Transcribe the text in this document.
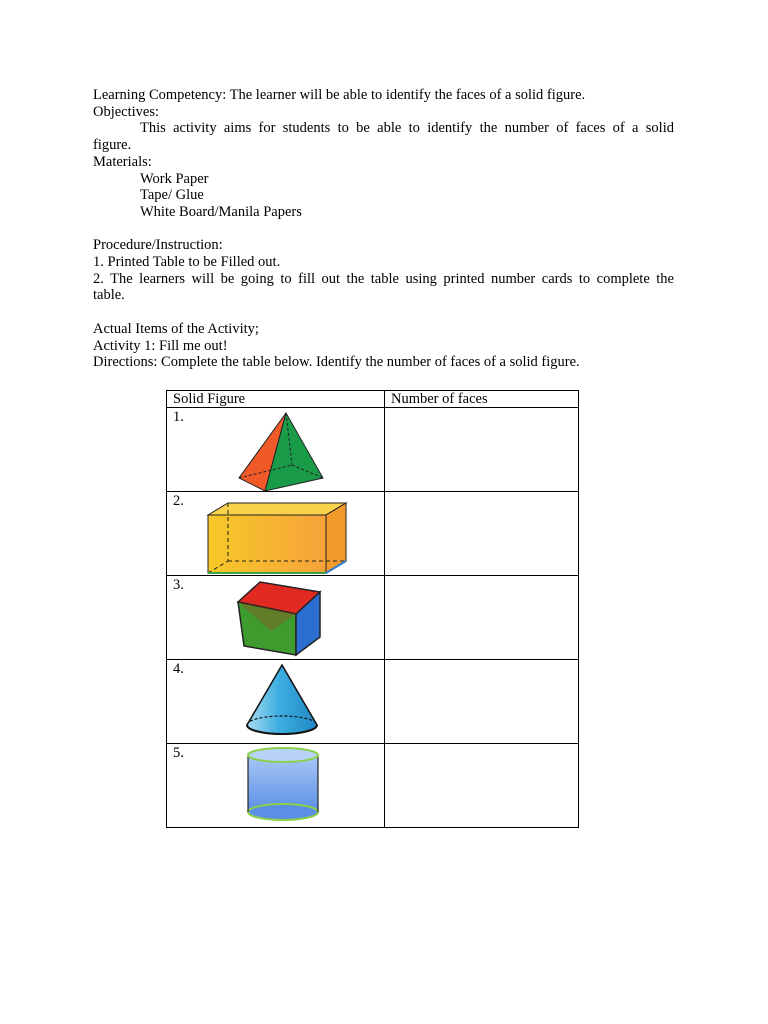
Learning Competency: The learner will be able to identify the faces of a solid figure.
Objectives:
This activity aims for students to be able to identify the number of faces of a solid
figure.
Materials:
Work Paper
Tape/ Glue
White Board/Manila Papers
Procedure/Instruction:
1. Printed Table to be Filled out.
2. The learners will be going to fill out the table using printed number cards to complete the
table.
Actual Items of the Activity;
Activity 1: Fill me out!
Directions: Complete the table below. Identify the number of faces of a solid figure.
Solid Figure	Number of faces

1.	

2.	

3.	

4.	

5.	
